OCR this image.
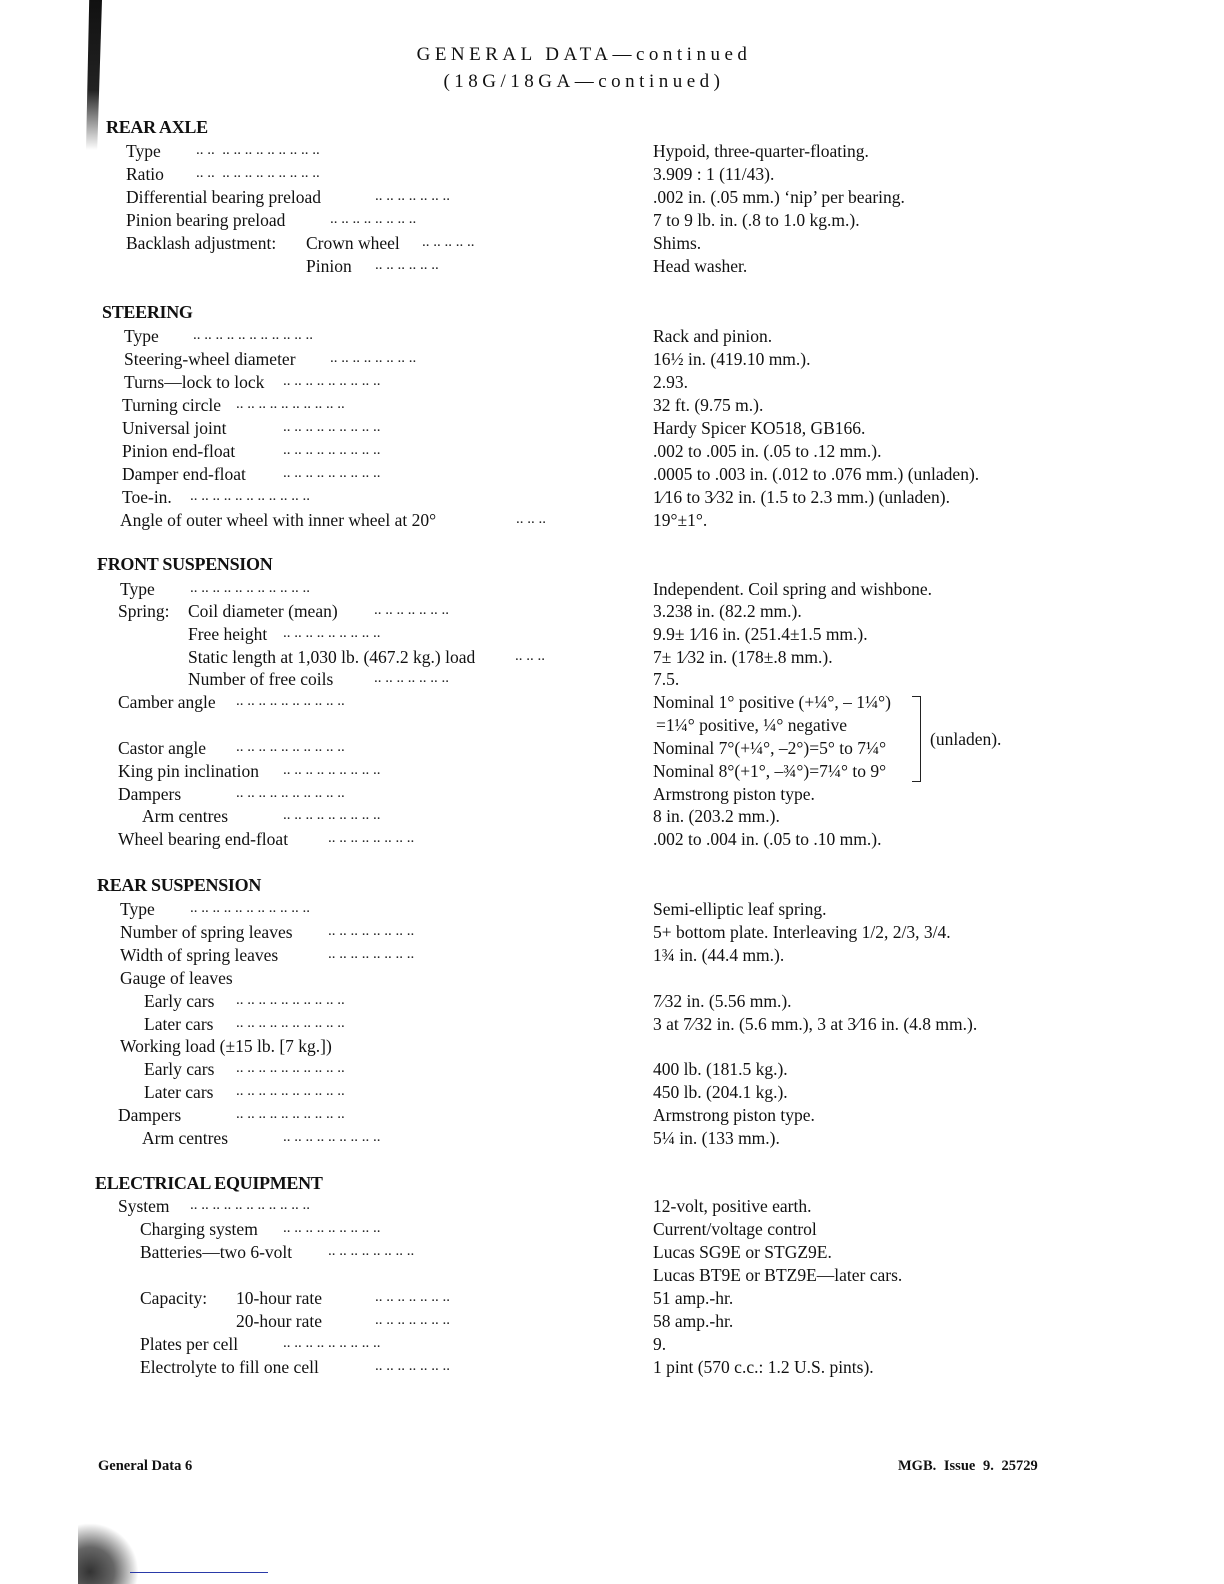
GENERAL DATA—continued
(18G/18GA—continued)
REAR AXLE
Type .. ..  .. .. .. .. .. .. .. .. ..	Hypoid, three-quarter-floating.
Ratio .. ..  .. .. .. .. .. .. .. .. ..	3.909 : 1 (11/43).
Differential bearing preload	.. .. .. .. .. .. ..	.002 in. (.05 mm.) ‘nip’ per bearing.
Pinion bearing preload	.. .. .. .. .. .. .. ..	7 to 9 lb. in. (.8 to 1.0 kg.m.).
Backlash adjustment: Crown wheel .. .. .. .. ..	Shims.
Pinion .. .. .. .. .. ..	Head washer.
STEERING
Type .. .. .. .. .. .. .. .. .. .. ..	Rack and pinion.
Steering-wheel diameter .. .. .. .. .. .. .. ..	16½ in. (419.10 mm.).
Turns—lock to lock .. .. .. .. .. .. .. .. ..	2.93.
Turning circle .. .. .. .. .. .. .. .. .. ..	32 ft. (9.75 m.).
Universal joint	.. .. .. .. .. .. .. .. ..	Hardy Spicer KO518, GB166.
Pinion end-float	.. .. .. .. .. .. .. .. ..	.002 to .005 in. (.05 to .12 mm.).
Damper end-float .. .. .. .. .. .. .. .. ..	.0005 to .003 in. (.012 to .076 mm.) (unladen).
Toe-in. .. .. .. .. .. .. .. .. .. .. ..	1⁄16 to 3⁄32 in. (1.5 to 2.3 mm.) (unladen).
Angle of outer wheel with inner wheel at 20°	.. .. ..	19°±1°.
FRONT SUSPENSION
Type .. .. .. .. .. .. .. .. .. .. ..	Independent. Coil spring and wishbone.
Spring: Coil diameter (mean) .. .. .. .. .. .. ..	3.238 in. (82.2 mm.).
Free height .. .. .. .. .. .. .. .. ..	9.9± 1⁄16 in. (251.4±1.5 mm.).
Static length at 1,030 lb. (467.2 kg.) load	.. .. ..	7± 1⁄32 in. (178±.8 mm.).
Number of free coils	.. .. .. .. .. .. ..	7.5.
Camber angle .. .. .. .. .. .. .. .. .. ..	Nominal 1° positive (+¼°, – 1¼°)
=1¼° positive, ¼° negative
Castor angle .. .. .. .. .. .. .. .. .. ..	Nominal 7°(+¼°, –2°)=5° to 7¼°
King pin inclination .. .. .. .. .. .. .. .. ..	Nominal 8°(+1°, –¾°)=7¼° to 9°
Dampers	.. .. .. .. .. .. .. .. .. ..	Armstrong piston type.
Arm centres	.. .. .. .. .. .. .. .. ..	8 in. (203.2 mm.).
Wheel bearing end-float	.. .. .. .. .. .. .. ..	.002 to .004 in. (.05 to .10 mm.).
(unladen).
REAR SUSPENSION
Type .. .. .. .. .. .. .. .. .. .. ..	Semi-elliptic leaf spring.
Number of spring leaves .. .. .. .. .. .. .. ..	5+ bottom plate. Interleaving 1/2, 2/3, 3/4.
Width of spring leaves	.. .. .. .. .. .. .. ..	1¾ in. (44.4 mm.).
Gauge of leaves
Early cars .. .. .. .. .. .. .. .. .. ..	7⁄32 in. (5.56 mm.).
Later cars .. .. .. .. .. .. .. .. .. ..	3 at 7⁄32 in. (5.6 mm.), 3 at 3⁄16 in. (4.8 mm.).
Working load (±15 lb. [7 kg.])
Early cars .. .. .. .. .. .. .. .. .. ..	400 lb. (181.5 kg.).
Later cars .. .. .. .. .. .. .. .. .. ..	450 lb. (204.1 kg.).
Dampers	.. .. .. .. .. .. .. .. .. ..	Armstrong piston type.
Arm centres	.. .. .. .. .. .. .. .. ..	5¼ in. (133 mm.).
ELECTRICAL EQUIPMENT
System .. .. .. .. .. .. .. .. .. .. ..	12-volt, positive earth.
Charging system .. .. .. .. .. .. .. .. ..	Current/voltage control
Batteries—two 6-volt .. .. .. .. .. .. .. ..	Lucas SG9E or STGZ9E.
Lucas BT9E or BTZ9E—later cars.
Capacity: 10-hour rate	.. .. .. .. .. .. ..	51 amp.-hr.
20-hour rate	.. .. .. .. .. .. ..	58 amp.-hr.
Plates per cell	.. .. .. .. .. .. .. .. ..	9.
Electrolyte to fill one cell	.. .. .. .. .. .. ..	1 pint (570 c.c.: 1.2 U.S. pints).
General Data 6	MGB. Issue 9. 25729
